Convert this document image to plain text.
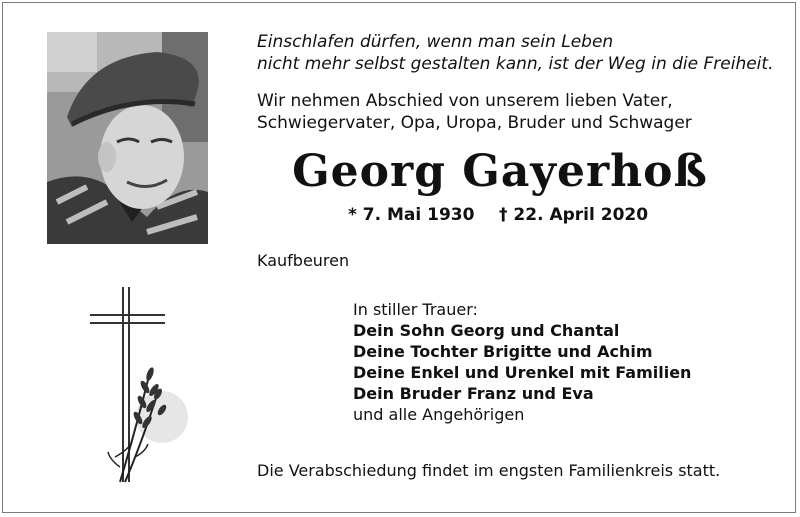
Einschlafen dürfen, wenn man sein Leben

nicht mehr selbst gestalten kann, ist der Weg in die Freiheit.

Wir nehmen Abschied von unserem lieben Vater,

Schwiegervater, Opa, Uropa, Bruder und Schwager

Georg Gayerhoß

* 7. Mai 1930 † 22. April 2020

Kaufbeuren

In stiller Trauer:

Dein Sohn Georg und Chantal

Deine Tochter Brigitte und Achim

Deine Enkel und Urenkel mit Familien

Dein Bruder Franz und Eva

und alle Angehörigen

Die Verabschiedung findet im engsten Familienkreis statt.
